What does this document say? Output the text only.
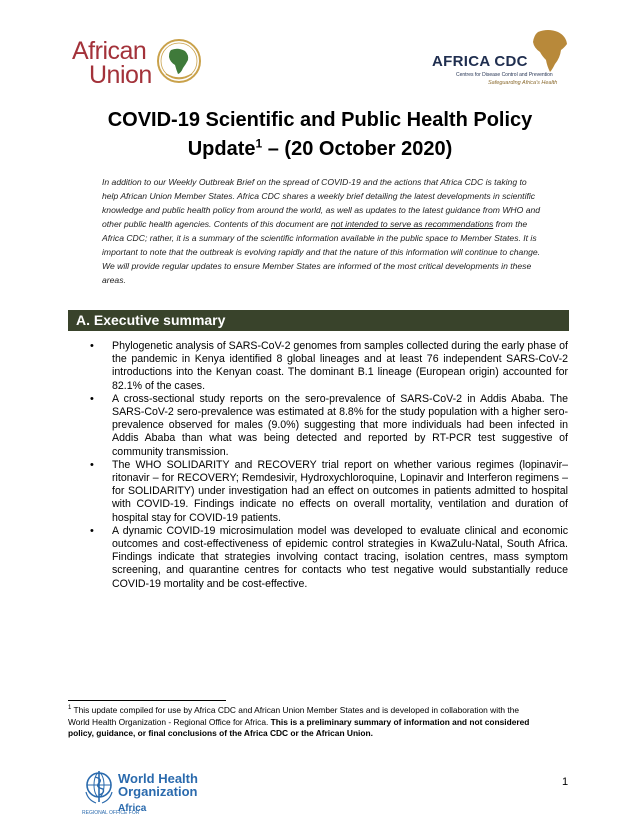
African
Union	AFRICA CDC
Centres for Disease Control and Prevention
Safeguarding Africa's Health
COVID-19 Scientific and Public Health Policy
Update$^1$ – (20 October 2020)
In addition to our Weekly Outbreak Brief on the spread of COVID-19 and the actions that Africa CDC is taking to help African Union Member States. Africa CDC shares a weekly brief detailing the latest developments in scientific knowledge and public health policy from around the world, as well as updates to the latest guidance from WHO and other public health agencies. Contents of this document are not intended to serve as recommendations from the Africa CDC; rather, it is a summary of the scientific information available in the public space to Member States. It is important to note that the outbreak is evolving rapidly and that the nature of this information will continue to change. We will provide regular updates to ensure Member States are informed of the most critical developments in these areas.
A. Executive summary
• Phylogenetic analysis of SARS-CoV-2 genomes from samples collected during the early phase of the pandemic in Kenya identified 8 global lineages and at least 76 independent SARS-CoV-2 introductions into the Kenyan coast. The dominant B.1 lineage (European origin) accounted for 82.1% of the cases.
• A cross-sectional study reports on the sero-prevalence of SARS-CoV-2 in Addis Ababa. The SARS-CoV-2 sero-prevalence was estimated at 8.8% for the study population with a higher sero-prevalence observed for males (9.0%) suggesting that more individuals had been infected in Addis Ababa than what was being detected and reported by RT-PCR test suggestive of community transmission.
• The WHO SOLIDARITY and RECOVERY trial report on whether various regimes (lopinavir–ritonavir – for RECOVERY; Remdesivir, Hydroxychloroquine, Lopinavir and Interferon regimens – for SOLIDARITY) under investigation had an effect on outcomes in patients admitted to hospital with COVID-19. Findings indicate no effects on overall mortality, ventilation and duration of hospital stay for COVID-19 patients.
• A dynamic COVID-19 microsimulation model was developed to evaluate clinical and economic outcomes and cost-effectiveness of epidemic control strategies in KwaZulu-Natal, South Africa. Findings indicate that strategies involving contact tracing, isolation centres, mass symptom screening, and quarantine centres for contacts who test negative would substantially reduce COVID-19 mortality and be cost-effective.
$^1$ This update compiled for use by Africa CDC and African Union Member States and is developed in collaboration with the World Health Organization - Regional Office for Africa. This is a preliminary summary of information and not considered policy, guidance, or final conclusions of the Africa CDC or the African Union.
World Health
Organization
REGIONAL OFFICE FOR
Africa
1
